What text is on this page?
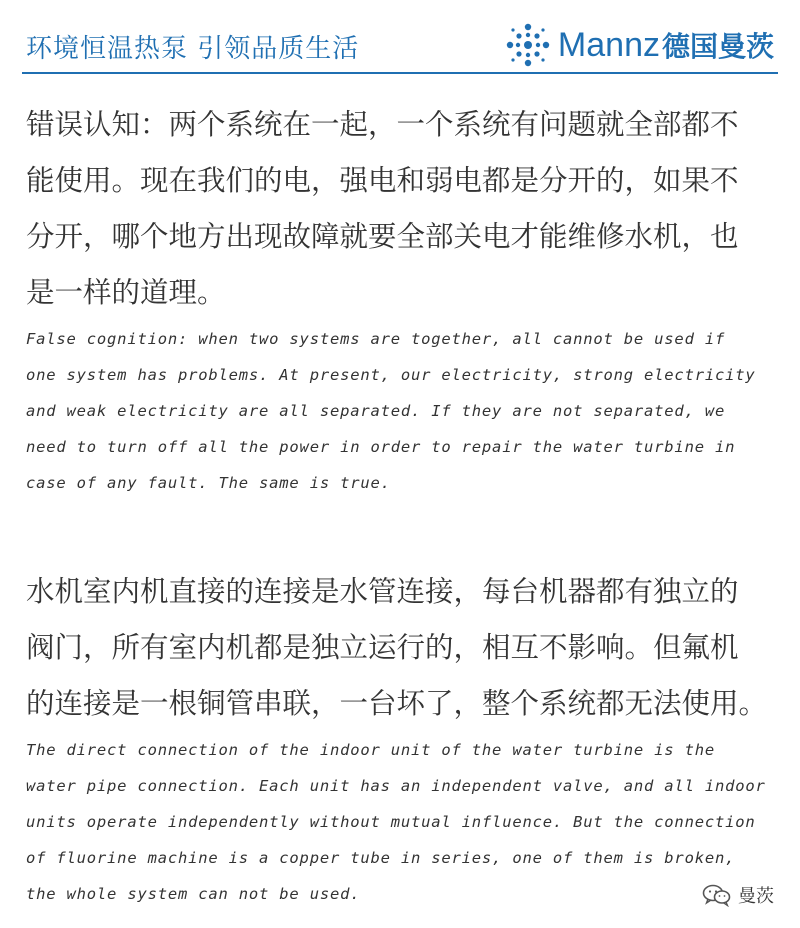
环境恒温热泵 引领品质生活	Mannz 德国曼茨

错误认知：两个系统在一起，一个系统有问题就全部都不
能使用。现在我们的电，强电和弱电都是分开的，如果不
分开，哪个地方出现故障就要全部关电才能维修水机，也
是一样的道理。

False cognition: when two systems are together, all cannot be used if
one system has problems. At present, our electricity, strong electricity
and weak electricity are all separated. If they are not separated, we
need to turn off all the power in order to repair the water turbine in
case of any fault. The same is true.

水机室内机直接的连接是水管连接，每台机器都有独立的
阀门，所有室内机都是独立运行的，相互不影响。但氟机
的连接是一根铜管串联，一台坏了，整个系统都无法使用。

The direct connection of the indoor unit of the water turbine is the
water pipe connection. Each unit has an independent valve, and all indoor
units operate independently without mutual influence. But the connection
of fluorine machine is a copper tube in series, one of them is broken,
the whole system can not be used.	曼茨
